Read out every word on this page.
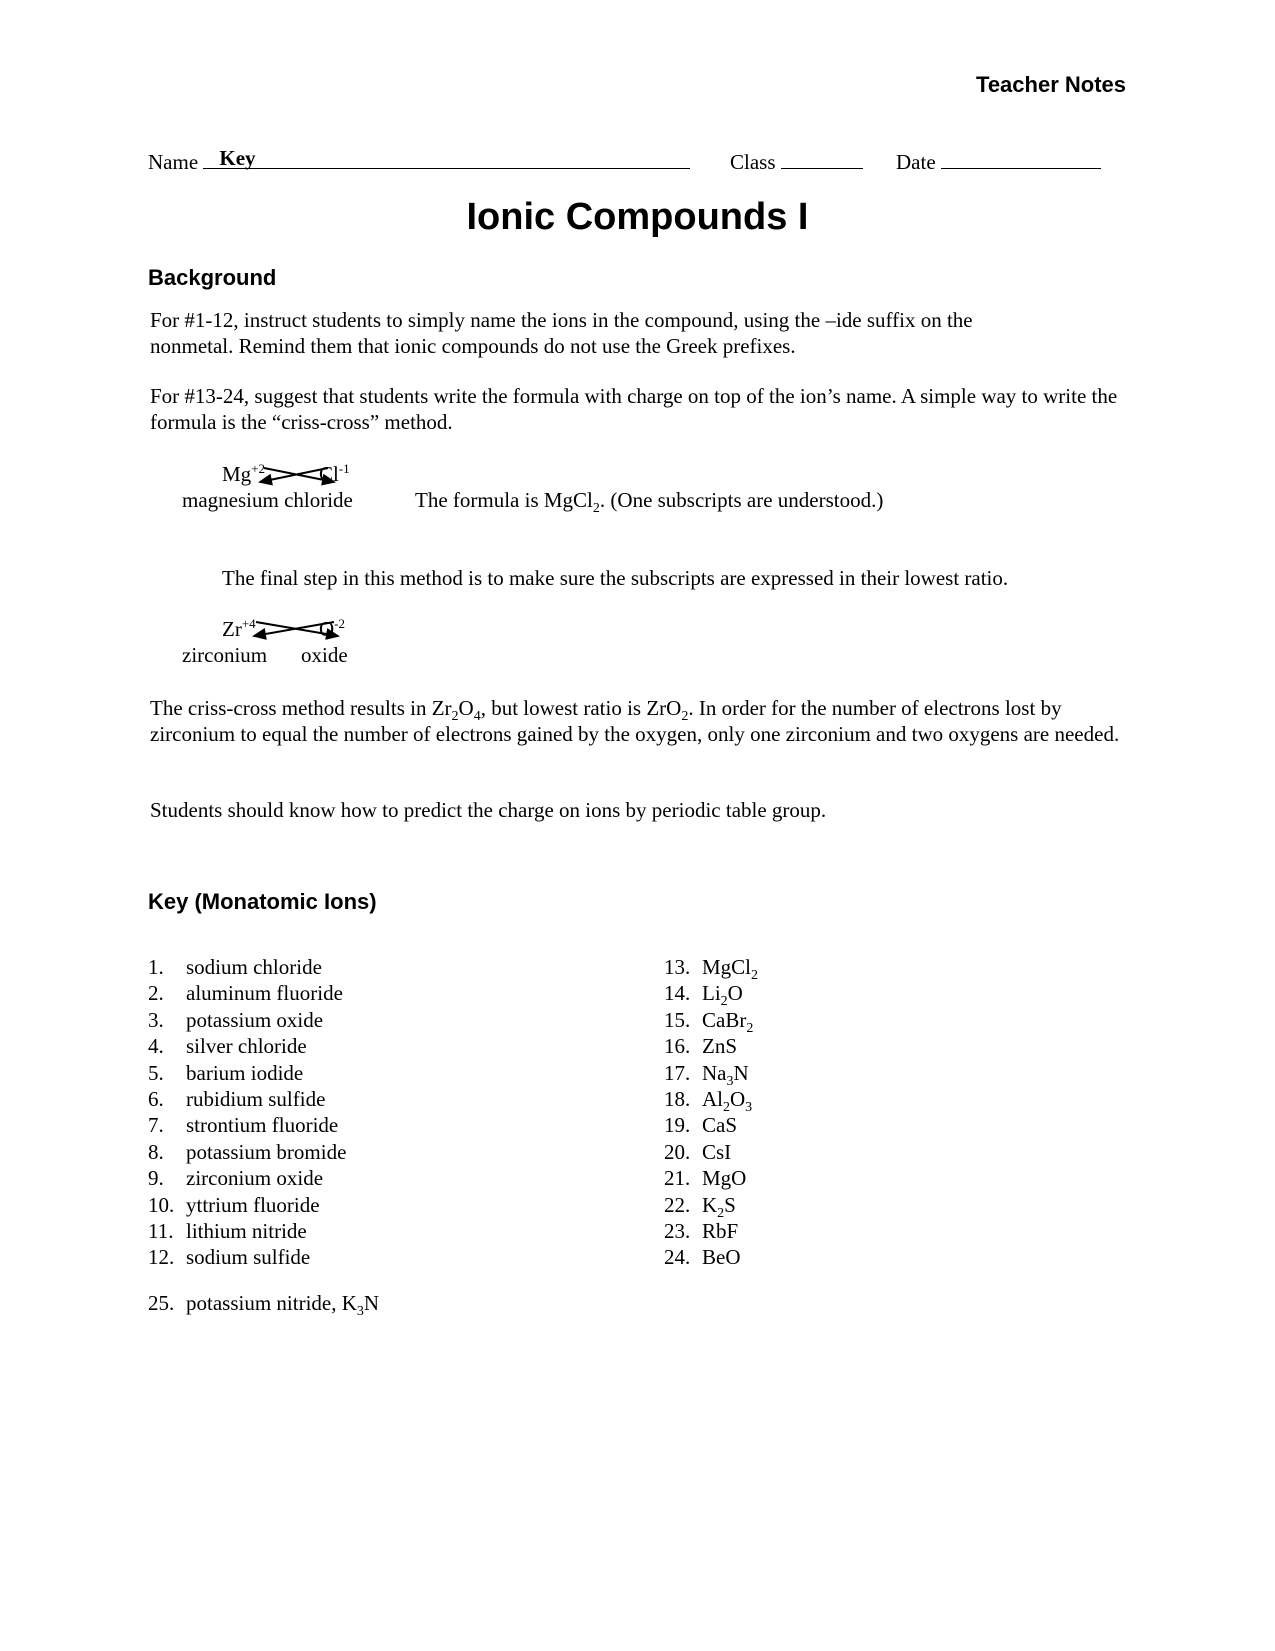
Teacher Notes
Name Key	Class	Date
Ionic Compounds I
Background
For #1-12, instruct students to simply name the ions in the compound, using the –ide suffix on the nonmetal. Remind them that ionic compounds do not use the Greek prefixes.
For #13-24, suggest that students write the formula with charge on top of the ion’s name. A simple way to write the formula is the “criss-cross” method.
$Mg^{+2}$	$Cl^{-1}$
magnesium chloride	The formula is MgCl$_2$. (One subscripts are understood.)
The final step in this method is to make sure the subscripts are expressed in their lowest ratio.
$Zr^{+4}$	$O^{-2}$
zirconium oxide
The criss-cross method results in $Zr_2O_4$, but lowest ratio is ZrO$_2$. In order for the number of electrons lost by zirconium to equal the number of electrons gained by the oxygen, only one zirconium and two oxygens are needed.
Students should know how to predict the charge on ions by periodic table group.
Key (Monatomic Ions)
1.	sodium chloride
2.	aluminum fluoride
3.	potassium oxide
4.	silver chloride
5.	barium iodide
6.	rubidium sulfide
7.	strontium fluoride
8.	potassium bromide
9.	zirconium oxide
10. yttrium fluoride
11. lithium nitride
12. sodium sulfide
13. MgCl$_2$
14. $Li_2O$
15. CaBr$_2$
16. ZnS
17. $Na_3N$
18. $Al_2O_3$
19. CaS
20. CsI
21. MgO
22. $K_2S$
23. RbF
24. BeO
25. potassium nitride, $K_3N$
